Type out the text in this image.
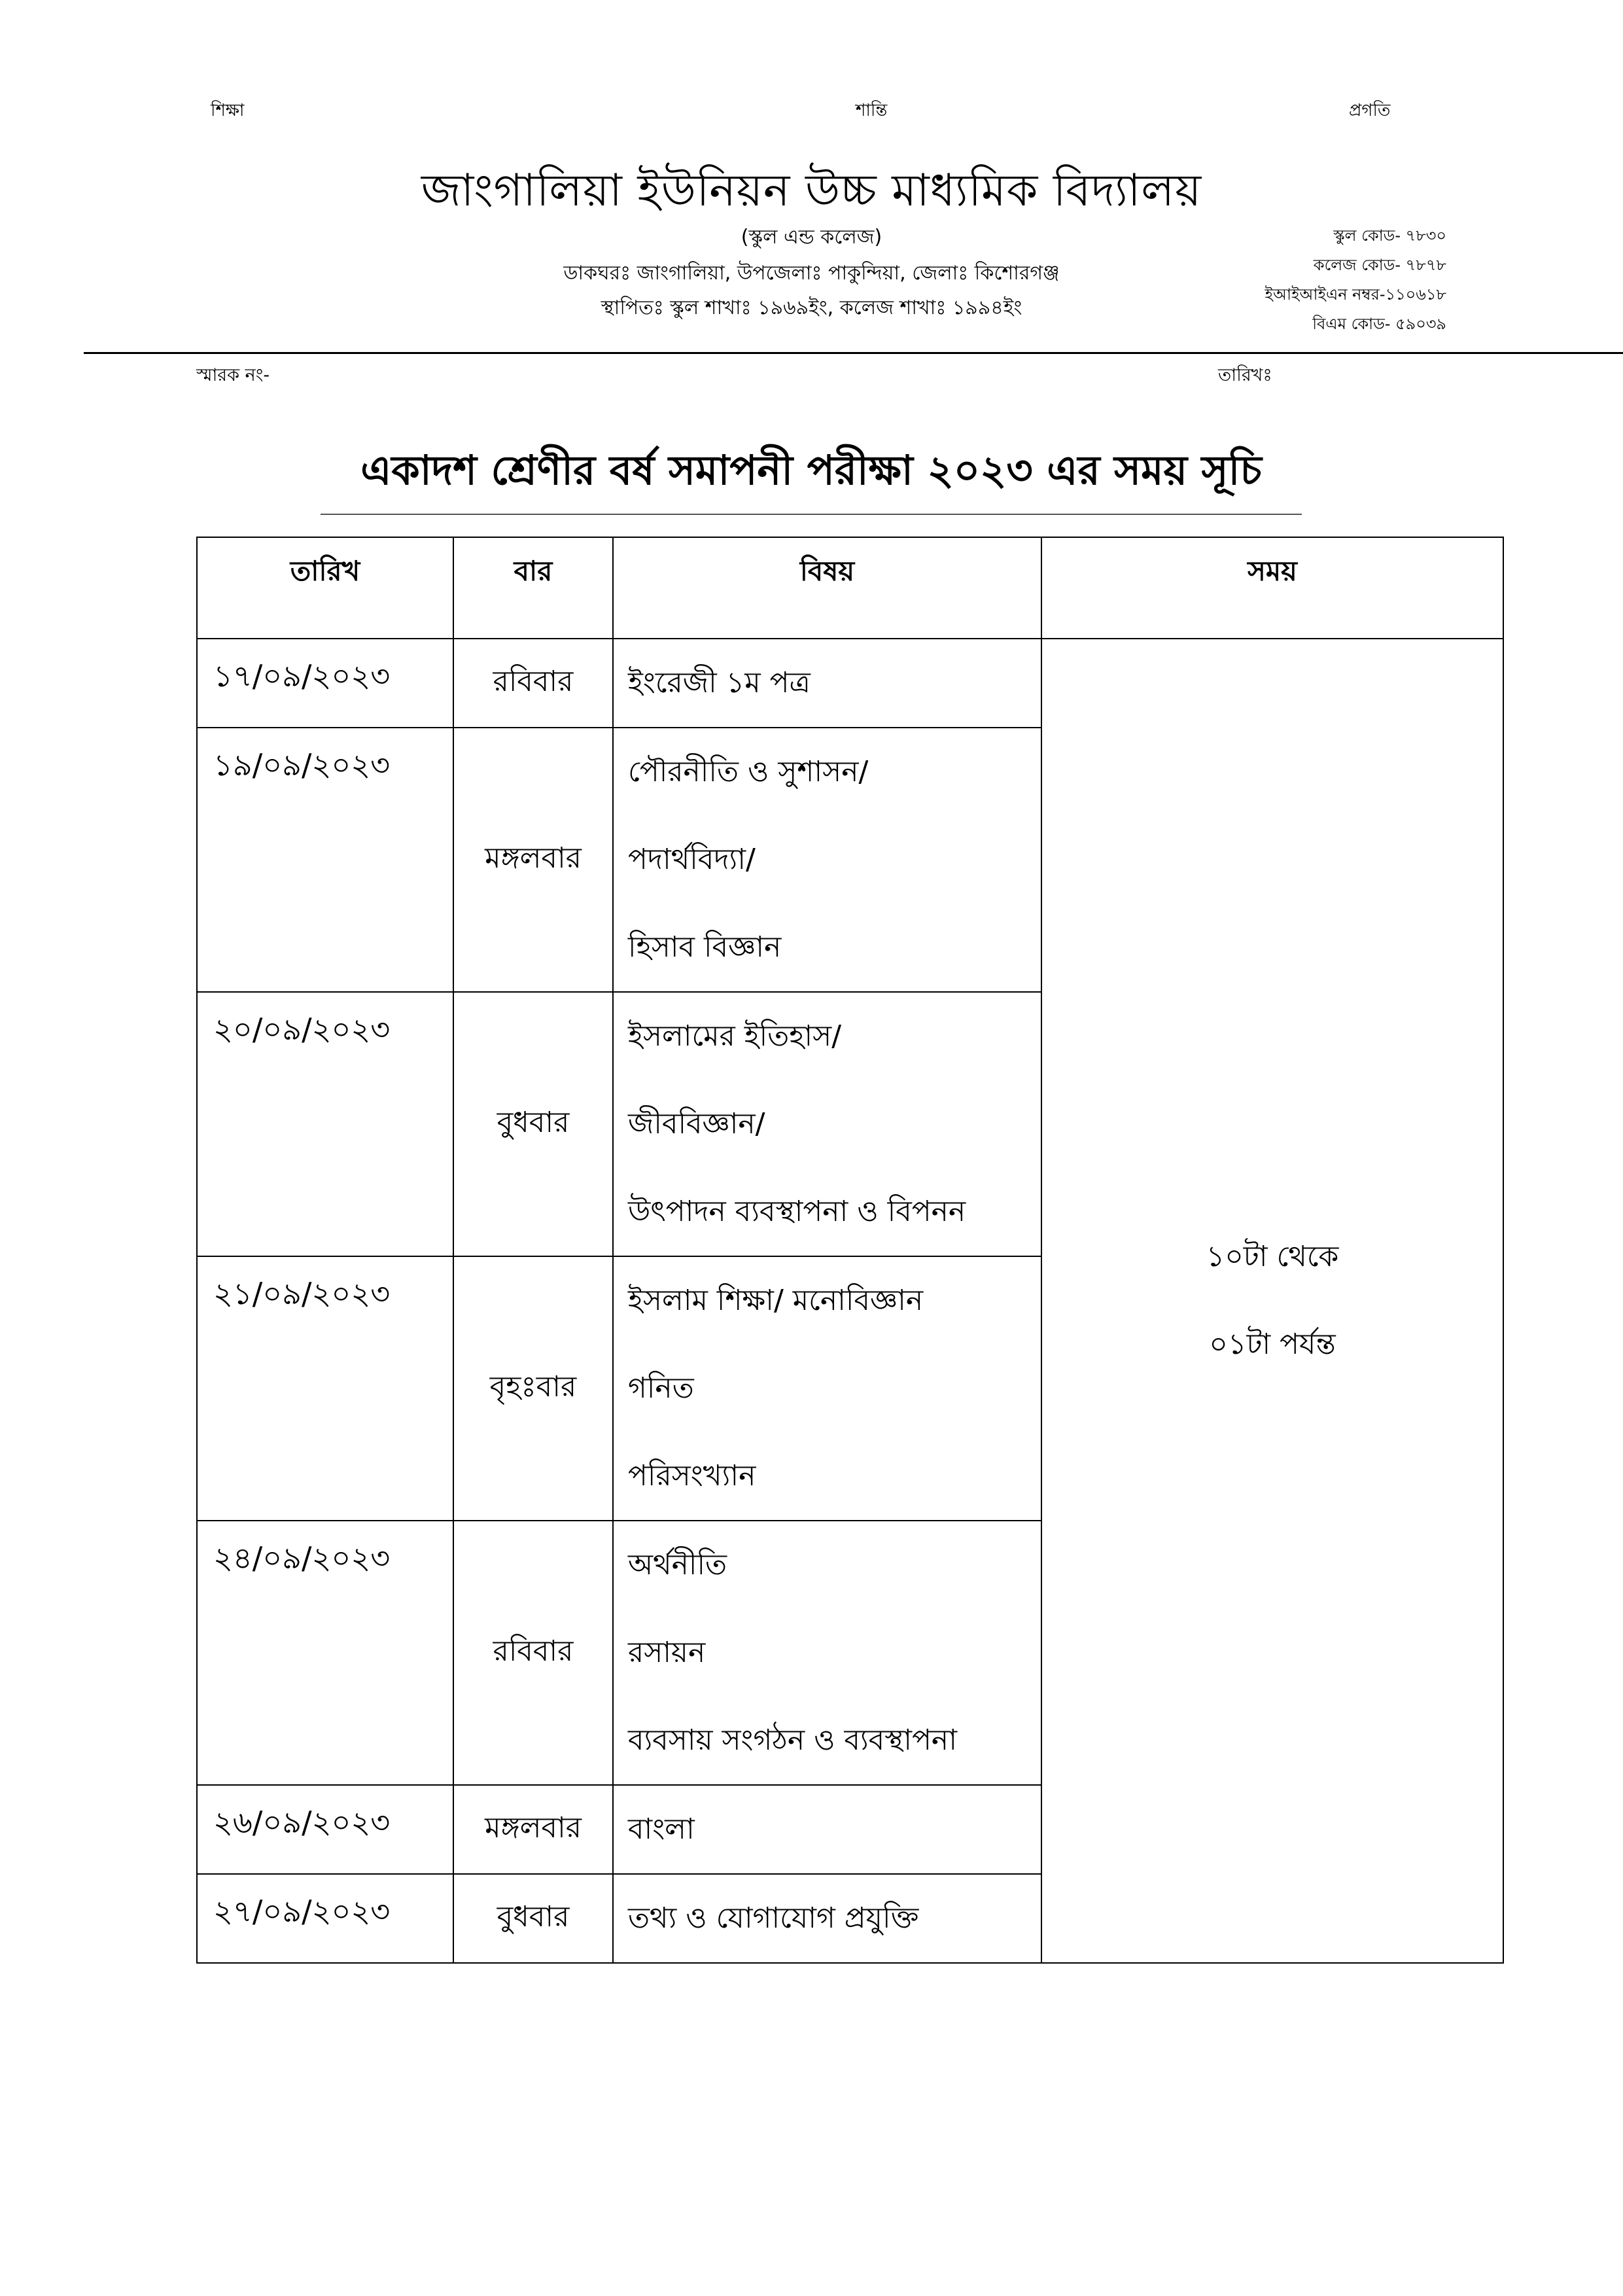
শিক্ষা	শান্তি	প্রগতি
জাংগালিয়া ইউনিয়ন উচ্চ মাধ্যমিক বিদ্যালয়
(স্কুল এন্ড কলেজ)
ডাকঘরঃ জাংগালিয়া, উপজেলাঃ পাকুন্দিয়া, জেলাঃ কিশোরগঞ্জ
স্থাপিতঃ স্কুল শাখাঃ ১৯৬৯ইং, কলেজ শাখাঃ ১৯৯৪ইং
স্কুল কোড- ৭৮৩০
কলেজ কোড- ৭৮৭৮
ইআইআইএন নম্বর-১১০৬১৮
বিএম কোড- ৫৯০৩৯
স্মারক নং-	তারিখঃ
একাদশ শ্রেণীর বর্ষ সমাপনী পরীক্ষা ২০২৩ এর সময় সূচি
তারিখ	বার	বিষয়	সময়
১৭/০৯/২০২৩	রবিবার	ইংরেজী ১ম পত্র	১০টা থেকে
০১টা পর্যন্ত

১৯/০৯/২০২৩	মঙ্গলবার	পৌরনীতি ও সুশাসন/
পদার্থবিদ্যা/
হিসাব বিজ্ঞান	

২০/০৯/২০২৩	বুধবার	ইসলামের ইতিহাস/
জীববিজ্ঞান/
উৎপাদন ব্যবস্থাপনা ও বিপনন	

২১/০৯/২০২৩	বৃহঃবার	ইসলাম শিক্ষা/ মনোবিজ্ঞান
গনিত
পরিসংখ্যান	

২৪/০৯/২০২৩	রবিবার	অর্থনীতি
রসায়ন
ব্যবসায় সংগঠন ও ব্যবস্থাপনা	

২৬/০৯/২০২৩	মঙ্গলবার	বাংলা	

২৭/০৯/২০২৩	বুধবার	তথ্য ও যোগাযোগ প্রযুক্তি	
